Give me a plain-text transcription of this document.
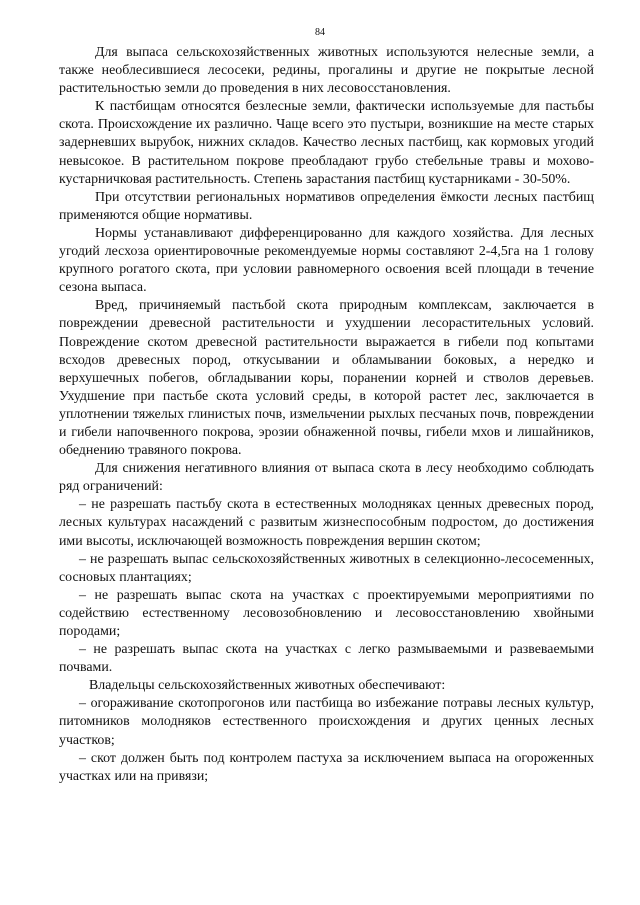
84

Для выпаса сельскохозяйственных животных используются нелесные земли, а также необлесившиеся лесосеки, редины, прогалины и другие не покрытые лесной растительностью земли до проведения в них лесовосстановления.

К пастбищам относятся безлесные земли, фактически используемые для пастьбы скота. Происхождение их различно. Чаще всего это пустыри, возникшие на месте старых задерневших вырубок, нижних складов. Качество лесных пастбищ, как кормовых угодий невысокое. В растительном покрове преобладают грубо стебельные травы и мохово-кустарничковая растительность. Степень зарастания пастбищ кустарниками - 30-50%.

При отсутствии региональных нормативов определения ёмкости лесных пастбищ применяются общие нормативы.

Нормы устанавливают дифференцированно для каждого хозяйства. Для лесных угодий лесхоза ориентировочные рекомендуемые нормы составляют 2-4,5га на 1 голову крупного рогатого скота, при условии равномерного освоения всей площади в течение сезона выпаса.

Вред, причиняемый пастьбой скота природным комплексам, заключается в повреждении древесной растительности и ухудшении лесорастительных условий. Повреждение скотом древесной растительности выражается в гибели под копытами всходов древесных пород, откусывании и обламывании боковых, а нередко и верхушечных побегов, обгладывании коры, поранении корней и стволов деревьев. Ухудшение при пастьбе скота условий среды, в которой растет лес, заключается в уплотнении тяжелых глинистых почв, измельчении рыхлых песчаных почв, повреждении и гибели напочвенного покрова, эрозии обнаженной почвы, гибели мхов и лишайников, обеднению травяного покрова.

Для снижения негативного влияния от выпаса скота в лесу необходимо соблюдать ряд ограничений:

– не разрешать пастьбу скота в естественных молодняках ценных древесных пород, лесных культурах насаждений с развитым жизнеспособным подростом, до достижения ими высоты, исключающей возможность повреждения вершин скотом;

– не разрешать выпас сельскохозяйственных животных в селекционно-лесосеменных, сосновых плантациях;

– не разрешать выпас скота на участках с проектируемыми мероприятиями по содействию естественному лесовозобновлению и лесовосстановлению хвойными породами;

– не разрешать выпас скота на участках с легко размываемыми и развеваемыми почвами.

Владельцы сельскохозяйственных животных обеспечивают:

– огораживание скотопрогонов или пастбища во избежание потравы лесных культур, питомников молодняков естественного происхождения и других ценных лесных участков;

– скот должен быть под контролем пастуха за исключением выпаса на огороженных участках или на привязи;
